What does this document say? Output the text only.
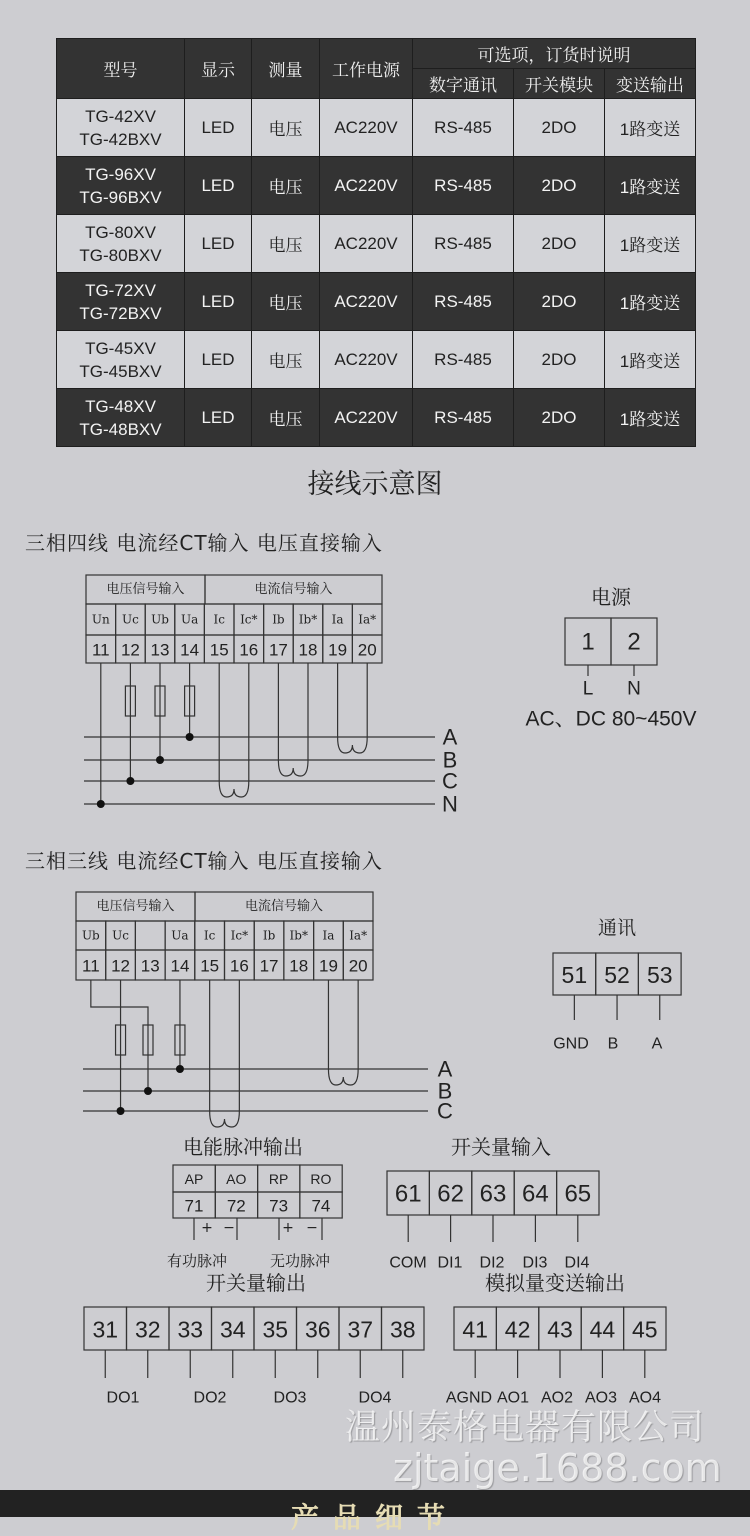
型号	显示	测量	工作电源	可选项，订货时说明		
				数字通讯	开关模块	变送输出

TG-42XV
TG-42BXV	LED	电压	AC220V	RS-485	2DO	1路变送

TG-96XV
TG-96BXV	LED	电压	AC220V	RS-485	2DO	1路变送

TG-80XV
TG-80BXV	LED	电压	AC220V	RS-485	2DO	1路变送

TG-72XV
TG-72BXV	LED	电压	AC220V	RS-485	2DO	1路变送

TG-45XV
TG-45BXV	LED	电压	AC220V	RS-485	2DO	1路变送

TG-48XV
TG-48BXV	LED	电压	AC220V	RS-485	2DO	1路变送
接线示意图
三相四线 电流经CT输入 电压直接输入
三相三线 电流经CT输入 电压直接输入
电压信号输入	电流信号输入
Un
11
Uc
12
Ub
13
Ua
14
Ic
15
Ic*
16
Ib
17
Ib*
18
Ia
19
Ia*
20
A
B
C
N
电源
1
L
2
N
AC、DC 80~450V
电压信号输入	电流信号输入
Ub
11
Uc
12 13
Ua
14
Ic
15
Ic*
16
Ib
17
Ib*
18
Ia
19
Ia*
20
A
B
C
通讯
51 52 53
GND B A
电能脉冲输出
AP
71
AO
72
RP
73
RO
74
+ −	+ −
有功脉冲	无功脉冲
开关量输入
61 62 63 64 65
COM DI1 DI2 DI3 DI4
开关量输出
31 32 33 34 35 36 37 38
DO1	DO2	DO3	DO4
模拟量变送输出
41 42 43 44 45
AGND AO1 AO2 AO3 AO4
温州泰格电器有限公司
zjtaige.1688.com
产品细节
